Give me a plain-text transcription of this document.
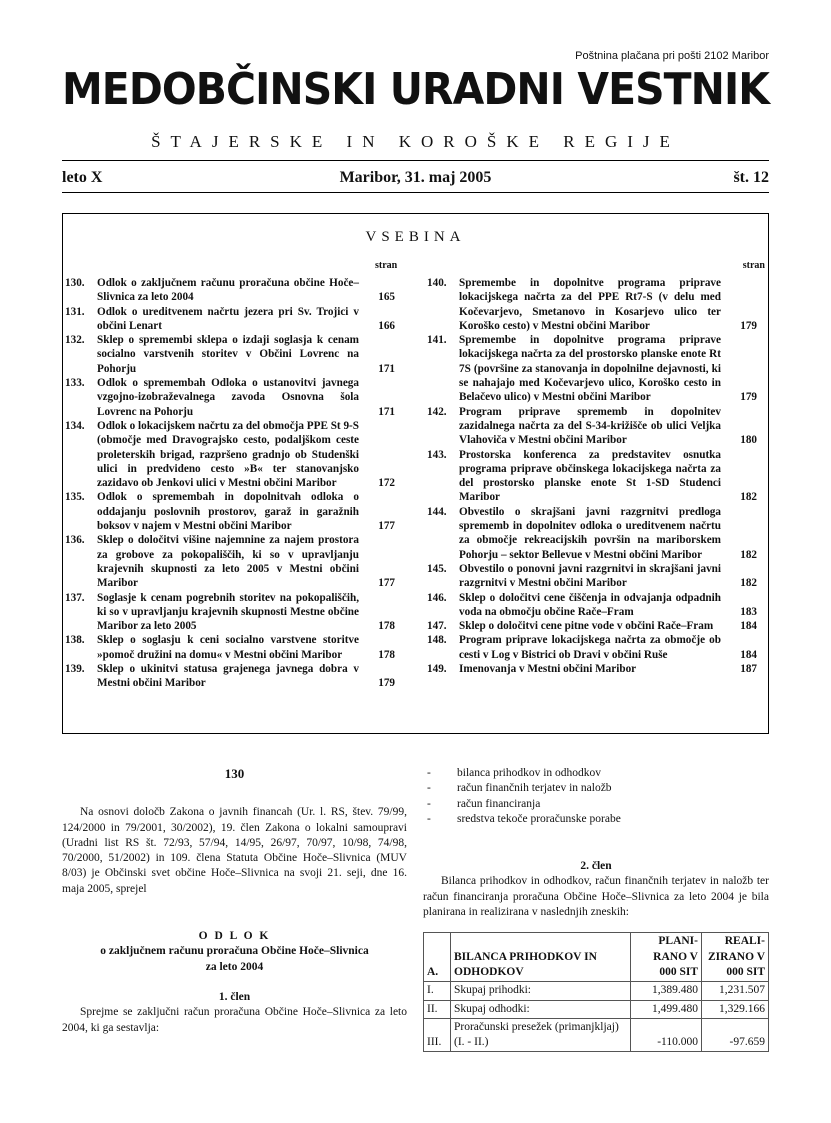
Poštnina plačana pri pošti 2102 Maribor
MEDOBČINSKI URADNI VESTNIK
ŠTAJERSKE IN KOROŠKE REGIJE
leto X	Maribor, 31. maj 2005	št. 12
VSEBINA
stran	stran
130.	Odlok o zaključnem računu proračuna občine Hoče–Slivnica za leto 2004	165
131.	Odlok o ureditvenem načrtu jezera pri Sv. Trojici v občini Lenart	166
132.	Sklep o spremembi sklepa o izdaji soglasja k cenam socialno varstvenih storitev v Občini Lovrenc na Pohorju	171
133.	Odlok o spremembah Odloka o ustanovitvi javnega vzgojno-izobraževalnega zavoda Osnovna šola Lovrenc na Pohorju	171
134.	Odlok o lokacijskem načrtu za del območja PPE St 9-S (območje med Dravograjsko cesto, podaljškom ceste proleterskih brigad, razpršeno gradnjo ob Studenški ulici in predvideno cesto »B« ter stanovanjsko zazidavo ob Jenkovi ulici v Mestni občini Maribor	172
135.	Odlok o spremembah in dopolnitvah odloka o oddajanju poslovnih prostorov, garaž in garažnih boksov v najem v Mestni občini Maribor	177
136.	Sklep o določitvi višine najemnine za najem prostora za grobove za pokopališčih, ki so v upravljanju krajevnih skupnosti za leto 2005 v Mestni občini Maribor	177
137.	Soglasje k cenam pogrebnih storitev na pokopališčih, ki so v upravljanju krajevnih skupnosti Mestne občine Maribor za leto 2005	178
138.	Sklep o soglasju k ceni socialno varstvene storitve »pomoč družini na domu« v Mestni občini Maribor	178
139.	Sklep o ukinitvi statusa grajenega javnega dobra v Mestni občini Maribor	179
140.	Spremembe in dopolnitve programa priprave lokacijskega načrta za del PPE Rt7-S (v delu med Kočevarjevo, Smetanovo in Kosarjevo ulico ter Koroško cesto) v Mestni občini Maribor	179
141.	Spremembe in dopolnitve programa priprave lokacijskega načrta za del prostorsko planske enote Rt 7S (površine za stanovanja in dopolnilne dejavnosti, ki se nahajajo med Kočevarjevo ulico, Koroško cesto in Belačevo ulico) v Mestni občini Maribor	179
142.	Program priprave sprememb in dopolnitev zazidalnega načrta za del S-34-križišče ob ulici Veljka Vlahoviča v Mestni občini Maribor	180
143.	Prostorska konferenca za predstavitev osnutka programa priprave občinskega lokacijskega načrta za del prostorsko planske enote St 1-SD Studenci Maribor	182
144.	Obvestilo o skrajšani javni razgrnitvi predloga sprememb in dopolnitev odloka o ureditvenem načrtu za območje rekreacijskih površin na mariborskem Pohorju – sektor Bellevue v Mestni občini Maribor	182
145.	Obvestilo o ponovni javni razgrnitvi in skrajšani javni razgrnitvi v Mestni občini Maribor	182
146.	Sklep o določitvi cene čiščenja in odvajanja odpadnih voda na območju občine Rače–Fram	183
147.	Sklep o določitvi cene pitne vode v občini Rače–Fram	184
148.	Program priprave lokacijskega načrta za območje ob cesti v Log v Bistrici ob Dravi v občini Ruše	184
149.	Imenovanja v Mestni občini Maribor	187
130
Na osnovi določb Zakona o javnih financah (Ur. l. RS, štev. 79/99, 124/2000 in 79/2001, 30/2002), 19. člen Zakona o lokalni samoupravi (Uradni list RS št. 72/93, 57/94, 14/95, 26/97, 70/97, 10/98, 74/98, 70/2000, 51/2002) in 109. člena Statuta Občine Hoče–Slivnica (MUV 8/03) je Občinski svet občine Hoče–Slivnica na svoji 21. seji, dne 16. maja 2005, sprejel
O D L O K
o zaključnem računu proračuna Občine Hoče–Slivnica
za leto 2004
1. člen
Sprejme se zaključni račun proračuna Občine Hoče–Slivnica za leto 2004, ki ga sestavlja:
- bilanca prihodkov in odhodkov
- račun finančnih terjatev in naložb
- račun financiranja
- sredstva tekoče proračunske porabe
2. člen
Bilanca prihodkov in odhodkov, račun finančnih terjatev in naložb ter račun financiranja proračuna Občine Hoče–Slivnica za leto 2004 je bila planirana in realizirana v naslednjih zneskih:
A.	BILANCA PRIHODKOV IN ODHODKOV	PLANI-RANO V 000 SIT	REALI-ZIRANO V 000 SIT
I.	Skupaj prihodki:	1,389.480	1,231.507
II.	Skupaj odhodki:	1,499.480	1,329.166
III.	Proračunski presežek (primanjkljaj) (I. - II.)	-110.000	-97.659
